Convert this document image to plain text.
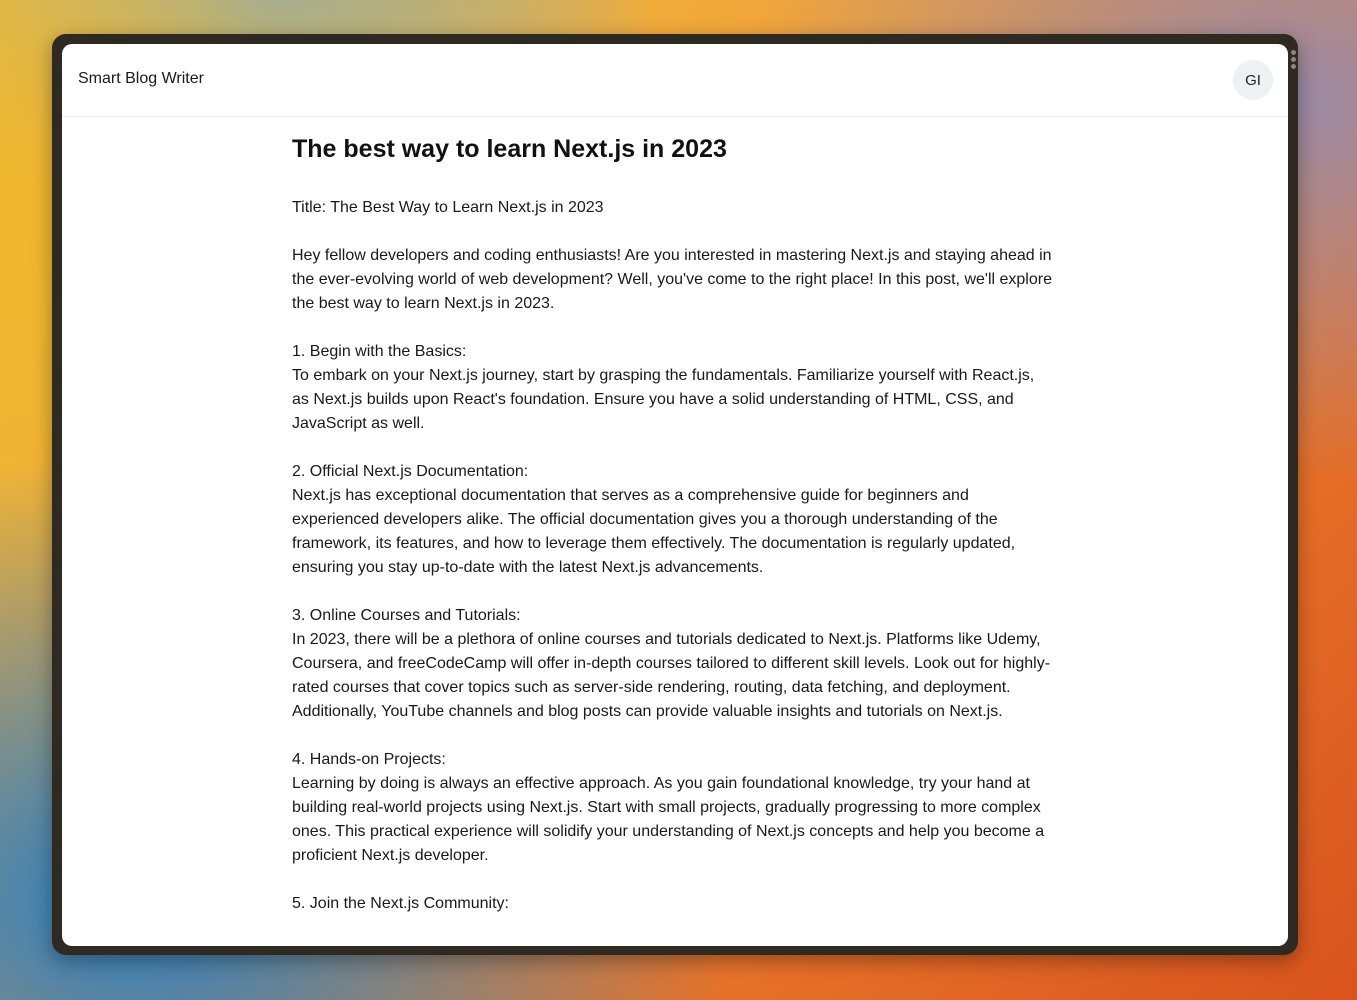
Smart Blog Writer	GI
The best way to learn Next.js in 2023

Title: The Best Way to Learn Next.js in 2023

Hey fellow developers and coding enthusiasts! Are you interested in mastering Next.js and staying ahead in the ever-evolving world of web development? Well, you've come to the right place! In this post, we'll explore the best way to learn Next.js in 2023.

1. Begin with the Basics:
To embark on your Next.js journey, start by grasping the fundamentals. Familiarize yourself with React.js, as Next.js builds upon React's foundation. Ensure you have a solid understanding of HTML, CSS, and JavaScript as well.

2. Official Next.js Documentation:
Next.js has exceptional documentation that serves as a comprehensive guide for beginners and experienced developers alike. The official documentation gives you a thorough understanding of the framework, its features, and how to leverage them effectively. The documentation is regularly updated, ensuring you stay up-to-date with the latest Next.js advancements.

3. Online Courses and Tutorials:
In 2023, there will be a plethora of online courses and tutorials dedicated to Next.js. Platforms like Udemy, Coursera, and freeCodeCamp will offer in-depth courses tailored to different skill levels. Look out for highly-rated courses that cover topics such as server-side rendering, routing, data fetching, and deployment. Additionally, YouTube channels and blog posts can provide valuable insights and tutorials on Next.js.

4. Hands-on Projects:
Learning by doing is always an effective approach. As you gain foundational knowledge, try your hand at building real-world projects using Next.js. Start with small projects, gradually progressing to more complex ones. This practical experience will solidify your understanding of Next.js concepts and help you become a proficient Next.js developer.

5. Join the Next.js Community:
